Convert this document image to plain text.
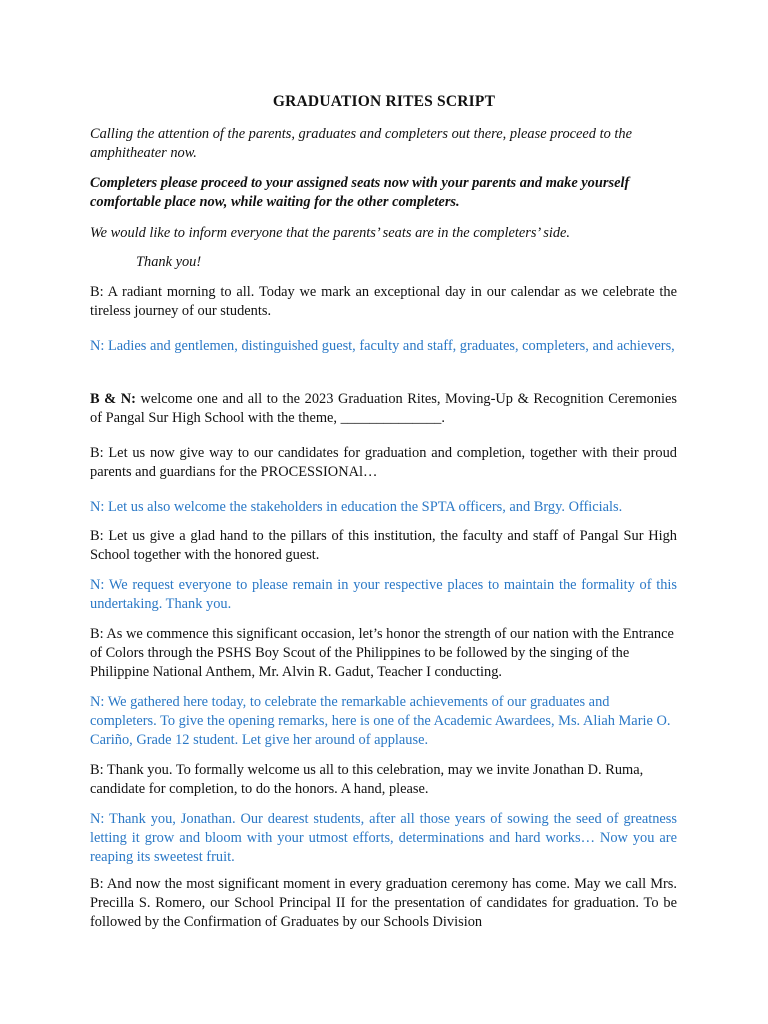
GRADUATION RITES SCRIPT

Calling the attention of the parents, graduates and completers out there, please proceed to the amphitheater now.

Completers please proceed to your assigned seats now with your parents and make yourself comfortable place now, while waiting for the other completers.

We would like to inform everyone that the parents’ seats are in the completers’ side.

Thank you!

B: A radiant morning to all. Today we mark an exceptional day in our calendar as we celebrate the tireless journey of our students.

N: Ladies and gentlemen, distinguished guest, faculty and staff, graduates, completers, and achievers,

B & N: welcome one and all to the 2023 Graduation Rites, Moving-Up & Recognition Ceremonies of Pangal Sur High School with the theme, ______________.

B: Let us now give way to our candidates for graduation and completion, together with their proud parents and guardians for the PROCESSIONAl…

N: Let us also welcome the stakeholders in education the SPTA officers, and Brgy. Officials.

B: Let us give a glad hand to the pillars of this institution, the faculty and staff of Pangal Sur High School together with the honored guest.

N: We request everyone to please remain in your respective places to maintain the formality of this undertaking. Thank you.

B: As we commence this significant occasion, let’s honor the strength of our nation with the Entrance of Colors through the PSHS Boy Scout of the Philippines to be followed by the singing of the Philippine National Anthem, Mr. Alvin R. Gadut, Teacher I conducting.

N: We gathered here today, to celebrate the remarkable achievements of our graduates and completers. To give the opening remarks, here is one of the Academic Awardees, Ms. Aliah Marie O. Cariño, Grade 12 student. Let give her around of applause.

B: Thank you. To formally welcome us all to this celebration, may we invite Jonathan D. Ruma, candidate for completion, to do the honors. A hand, please.

N: Thank you, Jonathan. Our dearest students, after all those years of sowing the seed of greatness letting it grow and bloom with your utmost efforts, determinations and hard works… Now you are reaping its sweetest fruit.

B: And now the most significant moment in every graduation ceremony has come. May we call Mrs. Precilla S. Romero, our School Principal II for the presentation of candidates for graduation. To be followed by the Confirmation of Graduates by our Schools Division
